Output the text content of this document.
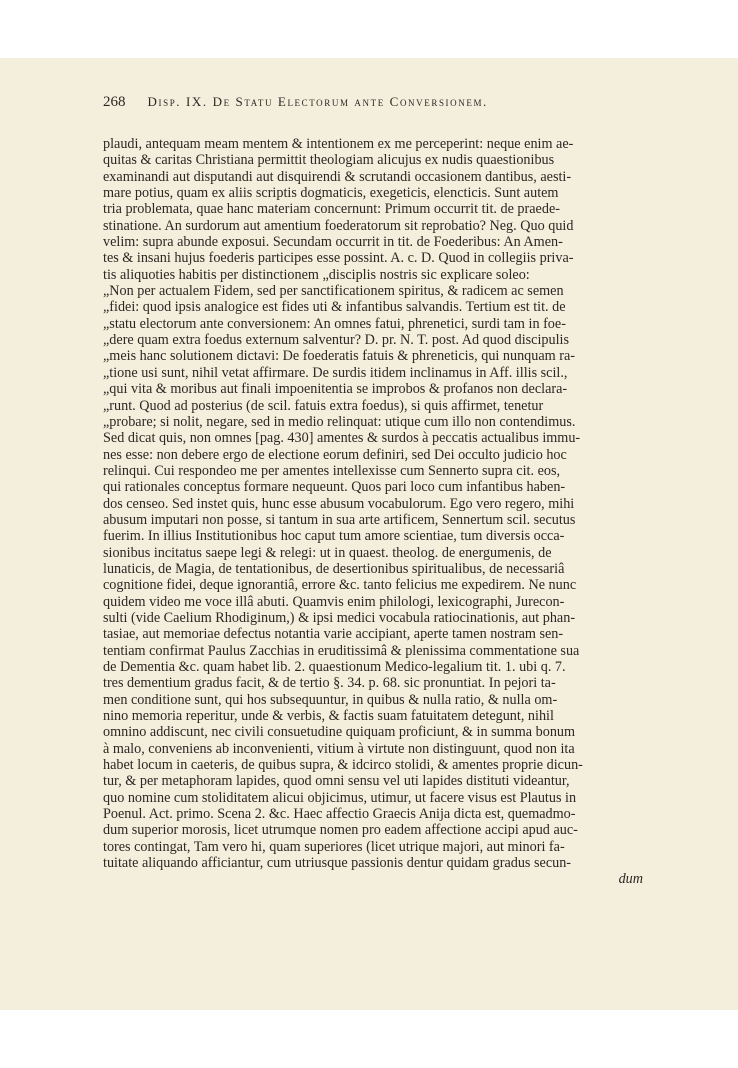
268 Disp. IX. De Statu Electorum ante Conversionem.
plaudi, antequam meam mentem & intentionem ex me perceperint: neque enim ae-
quitas & caritas Christiana permittit theologiam alicujus ex nudis quaestionibus
examinandi aut disputandi aut disquirendi & scrutandi occasionem dantibus, aesti-
mare potius, quam ex aliis scriptis dogmaticis, exegeticis, elencticis. Sunt autem
tria problemata, quae hanc materiam concernunt: Primum occurrit tit. de praede-
stinatione. An surdorum aut amentium foederatorum sit reprobatio? Neg. Quo quid
velim: supra abunde exposui. Secundam occurrit in tit. de Foederibus: An Amen-
tes & insani hujus foederis participes esse possint. A. c. D. Quod in collegiis priva-
tis aliquoties habitis per distinctionem „disciplis nostris sic explicare soleo:
„Non per actualem Fidem, sed per sanctificationem spiritus, & radicem ac semen
„fidei: quod ipsis analogice est fides uti & infantibus salvandis. Tertium est tit. de
„statu electorum ante conversionem: An omnes fatui, phrenetici, surdi tam in foe-
„dere quam extra foedus externum salventur? D. pr. N. T. post. Ad quod discipulis
„meis hanc solutionem dictavi: De foederatis fatuis & phreneticis, qui nunquam ra-
„tione usi sunt, nihil vetat affirmare. De surdis itidem inclinamus in Aff. illis scil.,
„qui vita & moribus aut finali impoenitentia se improbos & profanos non declara-
„runt. Quod ad posterius (de scil. fatuis extra foedus), si quis affirmet, tenetur
„probare; si nolit, negare, sed in medio relinquat: utique cum illo non contendimus.
Sed dicat quis, non omnes [pag. 430] amentes & surdos à peccatis actualibus immu-
nes esse: non debere ergo de electione eorum definiri, sed Dei occulto judicio hoc
relinqui. Cui respondeo me per amentes intellexisse cum Sennerto supra cit. eos,
qui rationales conceptus formare nequeunt. Quos pari loco cum infantibus haben-
dos censeo. Sed instet quis, hunc esse abusum vocabulorum. Ego vero regero, mihi
abusum imputari non posse, si tantum in sua arte artificem, Sennertum scil. secutus
fuerim. In illius Institutionibus hoc caput tum amore scientiae, tum diversis occa-
sionibus incitatus saepe legi & relegi: ut in quaest. theolog. de energumenis, de
lunaticis, de Magia, de tentationibus, de desertionibus spiritualibus, de necessariâ
cognitione fidei, deque ignorantiâ, errore &c. tanto felicius me expedirem. Ne nunc
quidem video me voce illâ abuti. Quamvis enim philologi, lexicographi, Jurecon-
sulti (vide Caelium Rhodiginum,) & ipsi medici vocabula ratiocinationis, aut phan-
tasiae, aut memoriae defectus notantia varie accipiant, aperte tamen nostram sen-
tentiam confirmat Paulus Zacchias in eruditissimâ & plenissima commentatione sua
de Dementia &c. quam habet lib. 2. quaestionum Medico-legalium tit. 1. ubi q. 7.
tres dementium gradus facit, & de tertio §. 34. p. 68. sic pronuntiat. In pejori ta-
men conditione sunt, qui hos subsequuntur, in quibus & nulla ratio, & nulla om-
nino memoria reperitur, unde & verbis, & factis suam fatuitatem detegunt, nihil
omnino addiscunt, nec civili consuetudine quiquam proficiunt, & in summa bonum
à malo, conveniens ab inconvenienti, vitium à virtute non distinguunt, quod non ita
habet locum in caeteris, de quibus supra, & idcirco stolidi, & amentes proprie dicun-
tur, & per metaphoram lapides, quod omni sensu vel uti lapides distituti videantur,
quo nomine cum stoliditatem alicui objicimus, utimur, ut facere visus est Plautus in
Poenul. Act. primo. Scena 2. &c. Haec affectio Graecis Anija dicta est, quemadmo-
dum superior morosis, licet utrumque nomen pro eadem affectione accipi apud auc-
tores contingat, Tam vero hi, quam superiores (licet utrique majori, aut minori fa-
tuitate aliquando afficiantur, cum utriusque passionis dentur quidam gradus secun-
dum
